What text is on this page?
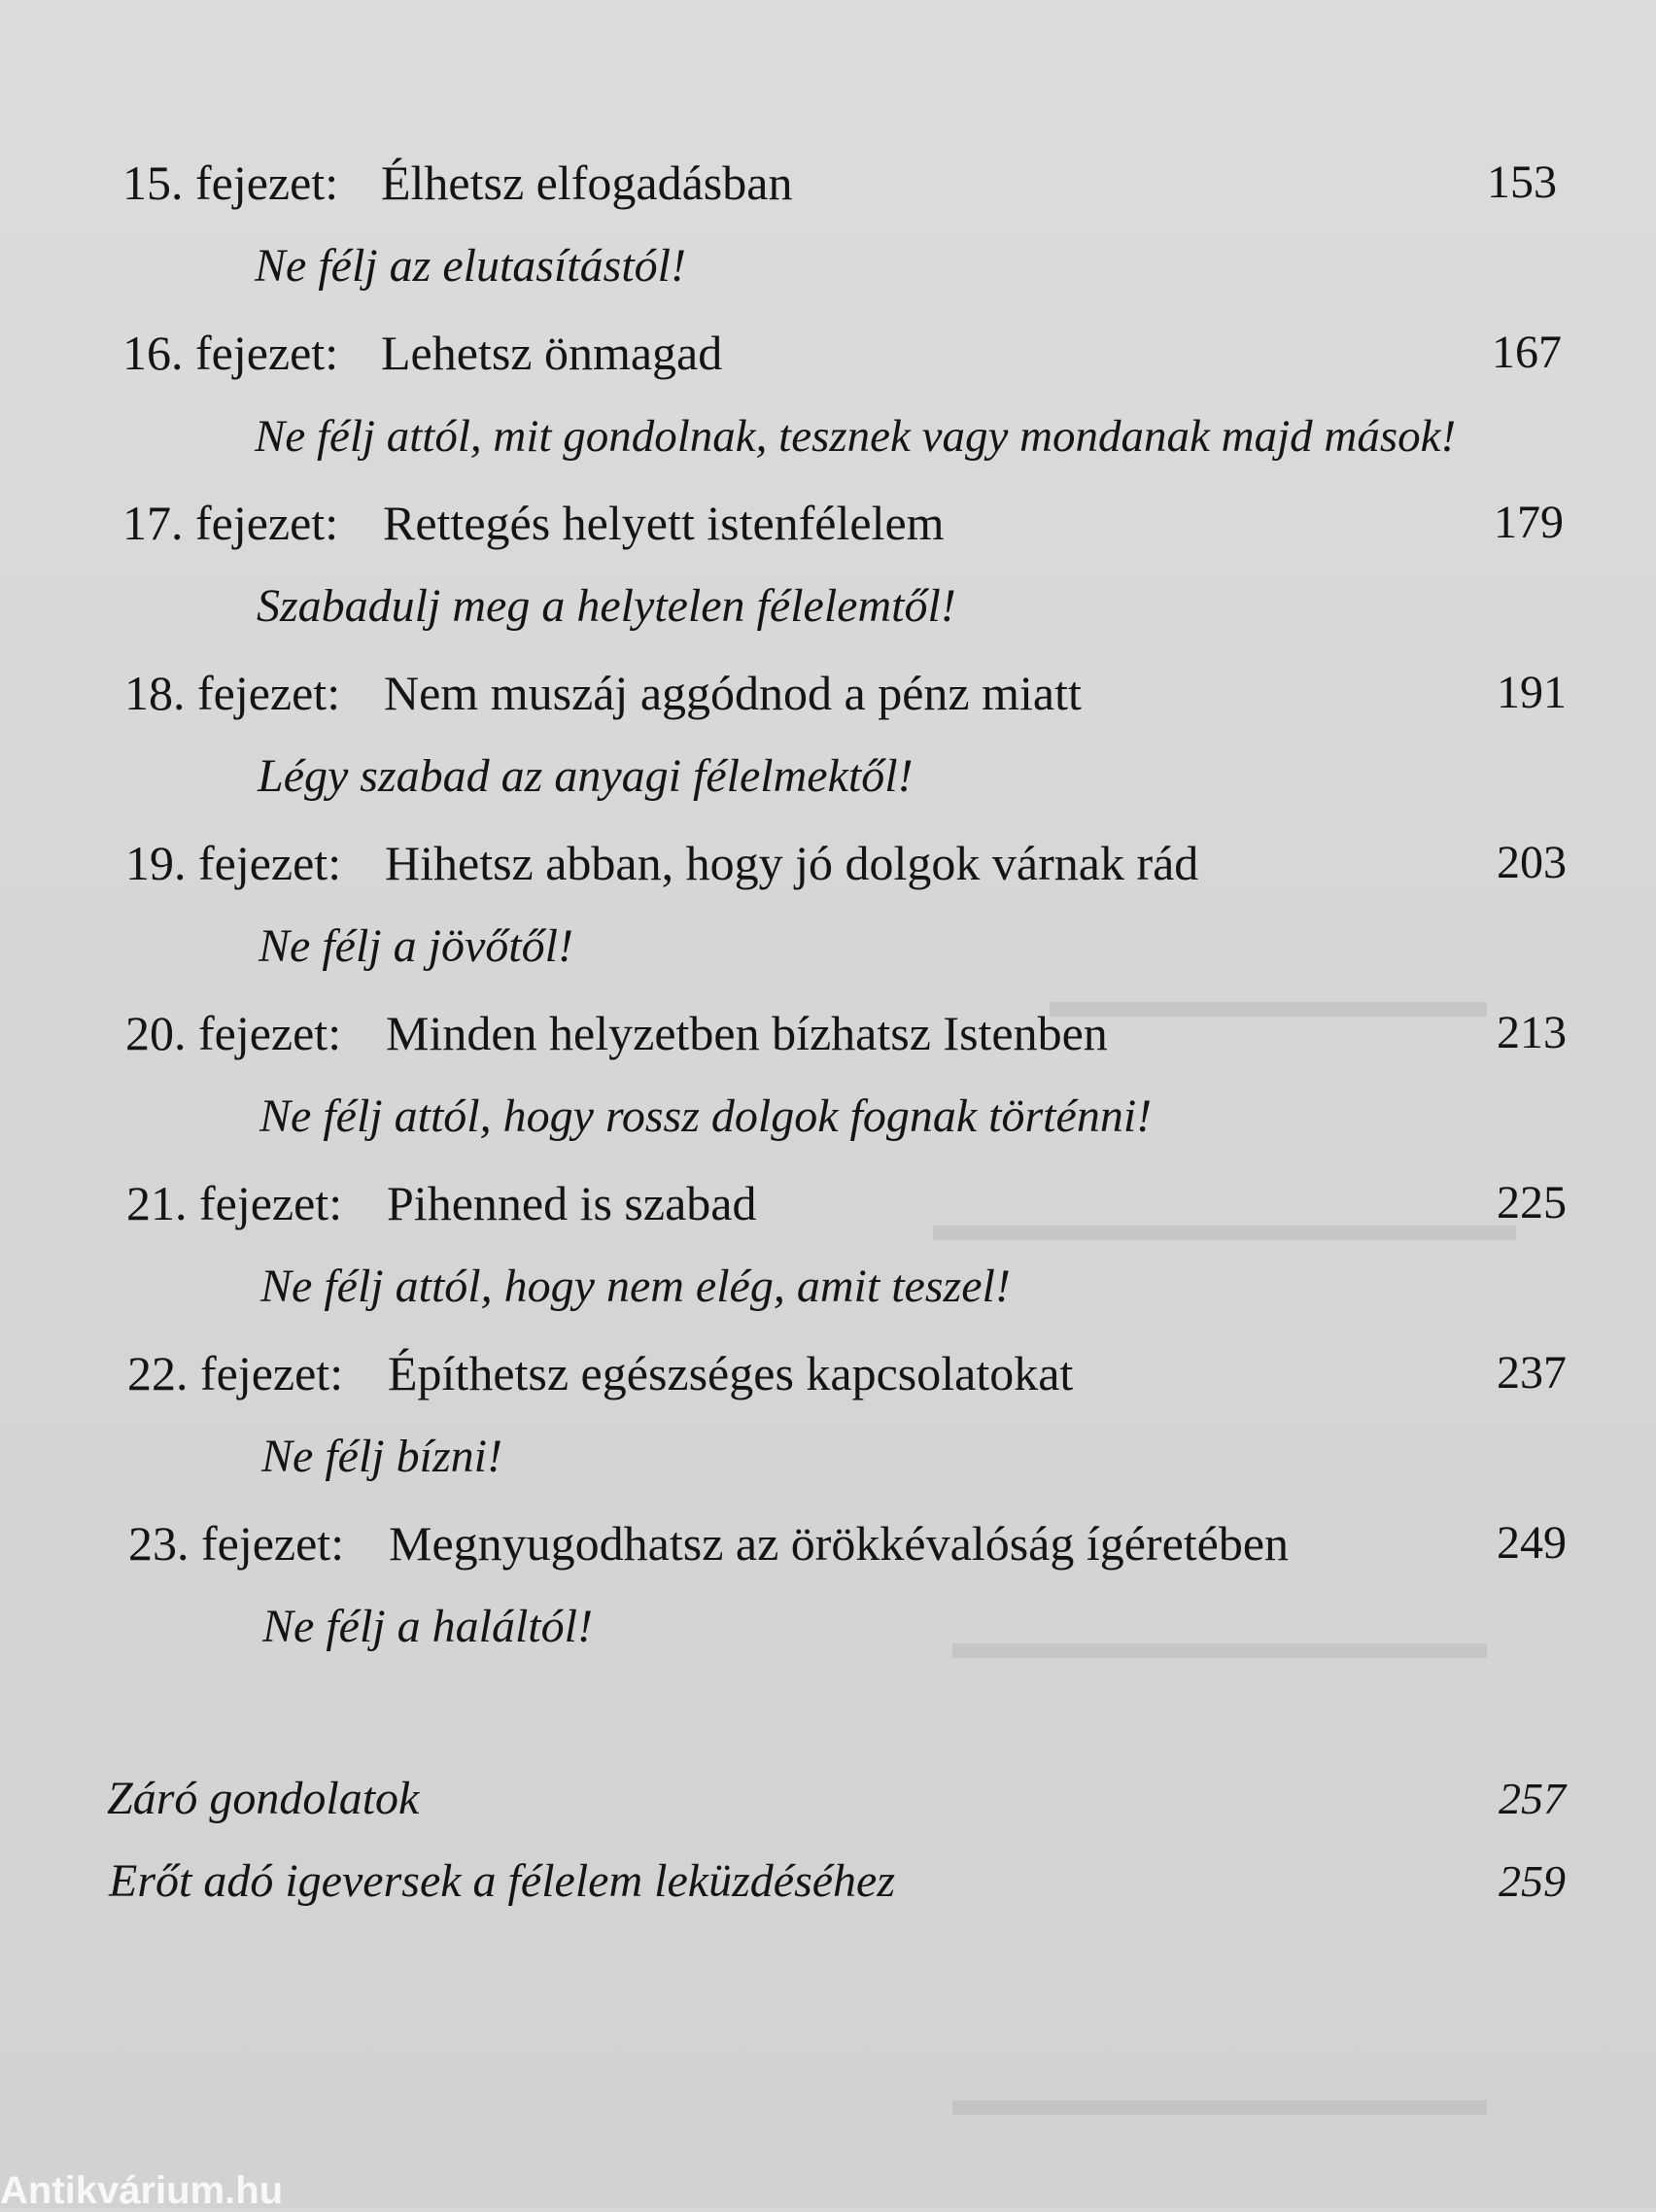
▬▬▬▬▬▬▬▬▬
▬▬▬▬▬▬▬▬▬▬▬▬
▬▬▬▬▬▬▬▬▬▬▬
▬▬▬▬▬▬▬▬▬▬▬
15. fejezet: Élhetsz elfogadásban	153
Ne félj az elutasítástól!
16. fejezet: Lehetsz önmagad	167
Ne félj attól, mit gondolnak, tesznek vagy mondanak majd mások!
17. fejezet: Rettegés helyett istenfélelem	179
Szabadulj meg a helytelen félelemtől!
18. fejezet: Nem muszáj aggódnod a pénz miatt	191
Légy szabad az anyagi félelmektől!
19. fejezet: Hihetsz abban, hogy jó dolgok várnak rád	203
Ne félj a jövőtől!
20. fejezet: Minden helyzetben bízhatsz Istenben	213
Ne félj attól, hogy rossz dolgok fognak történni!
21. fejezet: Pihenned is szabad	225
Ne félj attól, hogy nem elég, amit teszel!
22. fejezet: Építhetsz egészséges kapcsolatokat	237
Ne félj bízni!
23. fejezet: Megnyugodhatsz az örökkévalóság ígéretében	249
Ne félj a haláltól!
Záró gondolatok	257
Erőt adó igeversek a félelem leküzdéséhez	259
Antikvárium.hu
